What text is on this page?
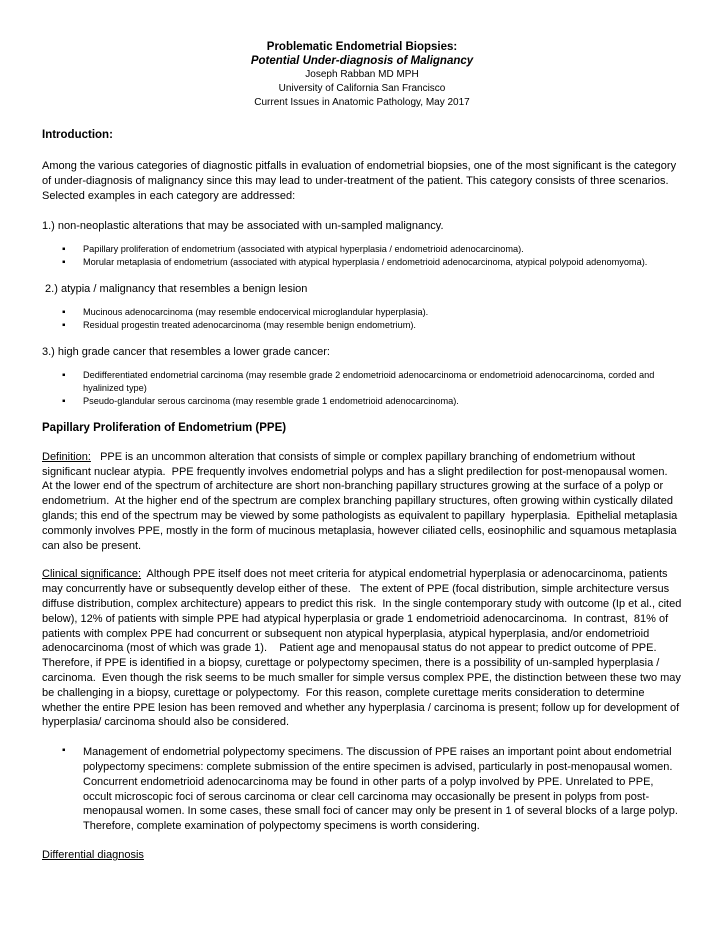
Problematic Endometrial Biopsies:
Potential Under-diagnosis of Malignancy
Joseph Rabban MD MPH
University of California San Francisco
Current Issues in Anatomic Pathology, May 2017
Introduction:

Among the various categories of diagnostic pitfalls in evaluation of endometrial biopsies, one of the most significant is the category of under-diagnosis of malignancy since this may lead to under-treatment of the patient. This category consists of three scenarios. Selected examples in each category are addressed:

1.) non-neoplastic alterations that may be associated with un-sampled malignancy.

▪ Papillary proliferation of endometrium (associated with atypical hyperplasia / endometrioid adenocarcinoma).
▪ Morular metaplasia of endometrium (associated with atypical hyperplasia / endometrioid adenocarcinoma, atypical polypoid adenomyoma).

2.) atypia / malignancy that resembles a benign lesion

▪ Mucinous adenocarcinoma (may resemble endocervical microglandular hyperplasia).
▪ Residual progestin treated adenocarcinoma (may resemble benign endometrium).

3.) high grade cancer that resembles a lower grade cancer:

▪ Dedifferentiated endometrial carcinoma (may resemble grade 2 endometrioid adenocarcinoma or endometrioid adenocarcinoma, corded and hyalinized type)
▪ Pseudo-glandular serous carcinoma (may resemble grade 1 endometrioid adenocarcinoma).
Papillary Proliferation of Endometrium (PPE)

Definition:   PPE is an uncommon alteration that consists of simple or complex papillary branching of endometrium without significant nuclear atypia.  PPE frequently involves endometrial polyps and has a slight predilection for post-menopausal women.  At the lower end of the spectrum of architecture are short non-branching papillary structures growing at the surface of a polyp or endometrium.  At the higher end of the spectrum are complex branching papillary structures, often growing within cystically dilated glands; this end of the spectrum may be viewed by some pathologists as equivalent to papillary  hyperplasia.  Epithelial metaplasia commonly involves PPE, mostly in the form of mucinous metaplasia, however ciliated cells, eosinophilic and squamous metaplasia can also be present.

Clinical significance:  Although PPE itself does not meet criteria for atypical endometrial hyperplasia or adenocarcinoma, patients may concurrently have or subsequently develop either of these.   The extent of PPE (focal distribution, simple architecture versus diffuse distribution, complex architecture) appears to predict this risk.  In the single contemporary study with outcome (Ip et al., cited below), 12% of patients with simple PPE had atypical hyperplasia or grade 1 endometrioid adenocarcinoma.  In contrast,  81% of patients with complex PPE had concurrent or subsequent non atypical hyperplasia, atypical hyperplasia, and/or endometrioid adenocarcinoma (most of which was grade 1).    Patient age and menopausal status do not appear to predict outcome of PPE.  Therefore, if PPE is identified in a biopsy, curettage or polypectomy specimen, there is a possibility of un-sampled hyperplasia / carcinoma.  Even though the risk seems to be much smaller for simple versus complex PPE, the distinction between these two may be challenging in a biopsy, curettage or polypectomy.  For this reason, complete curettage merits consideration to determine whether the entire PPE lesion has been removed and whether any hyperplasia / carcinoma is present; follow up for development of hyperplasia/ carcinoma should also be considered.

▪ Management of endometrial polypectomy specimens. The discussion of PPE raises an important point about endometrial polypectomy specimens: complete submission of the entire specimen is advised, particularly in post-menopausal women. Concurrent endometrioid adenocarcinoma may be found in other parts of a polyp involved by PPE. Unrelated to PPE, occult microscopic foci of serous carcinoma or clear cell carcinoma may occasionally be present in polyps from post-menopausal women. In some cases, these small foci of cancer may only be present in 1 of several blocks of a large polyp. Therefore, complete examination of polypectomy specimens is worth considering.

Differential diagnosis
